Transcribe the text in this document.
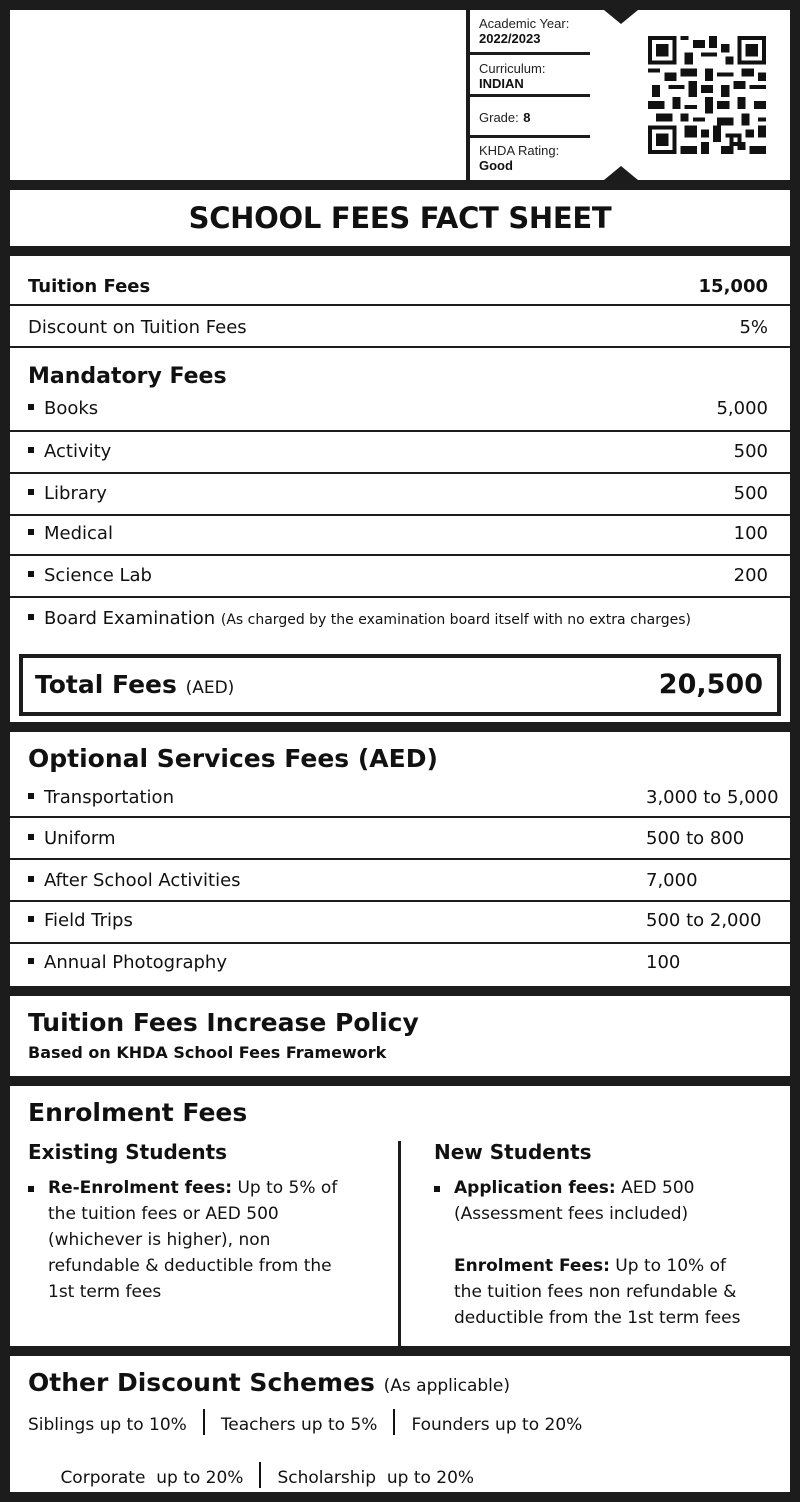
Academic Year:
2022/2023
Curriculum:
INDIAN
Grade: 8
KHDA Rating:
Good
SCHOOL FEES FACT SHEET
Tuition Fees	15,000
Discount on Tuition Fees	5%
Mandatory Fees
Books	5,000
Activity	500
Library	500
Medical	100
Science Lab	200
Board Examination (As charged by the examination board itself with no extra charges)
Total Fees (AED)	20,500
Optional Services Fees (AED)
Transportation	3,000 to 5,000
Uniform	500 to 800
After School Activities	7,000
Field Trips	500 to 2,000
Annual Photography	100
Tuition Fees Increase Policy
Based on KHDA School Fees Framework
Enrolment Fees
Existing Students
Re-Enrolment fees: Up to 5% of
the tuition fees or AED 500
(whichever is higher), non
refundable & deductible from the
1st term fees
New Students
Application fees: AED 500
(Assessment fees included)
Enrolment Fees: Up to 10% of
the tuition fees non refundable &
deductible from the 1st term fees
Other Discount Schemes (As applicable)
Siblings up to 10% Teachers up to 5% Founders up to 20%

Corporate  up to 20% Scholarship  up to 20%
